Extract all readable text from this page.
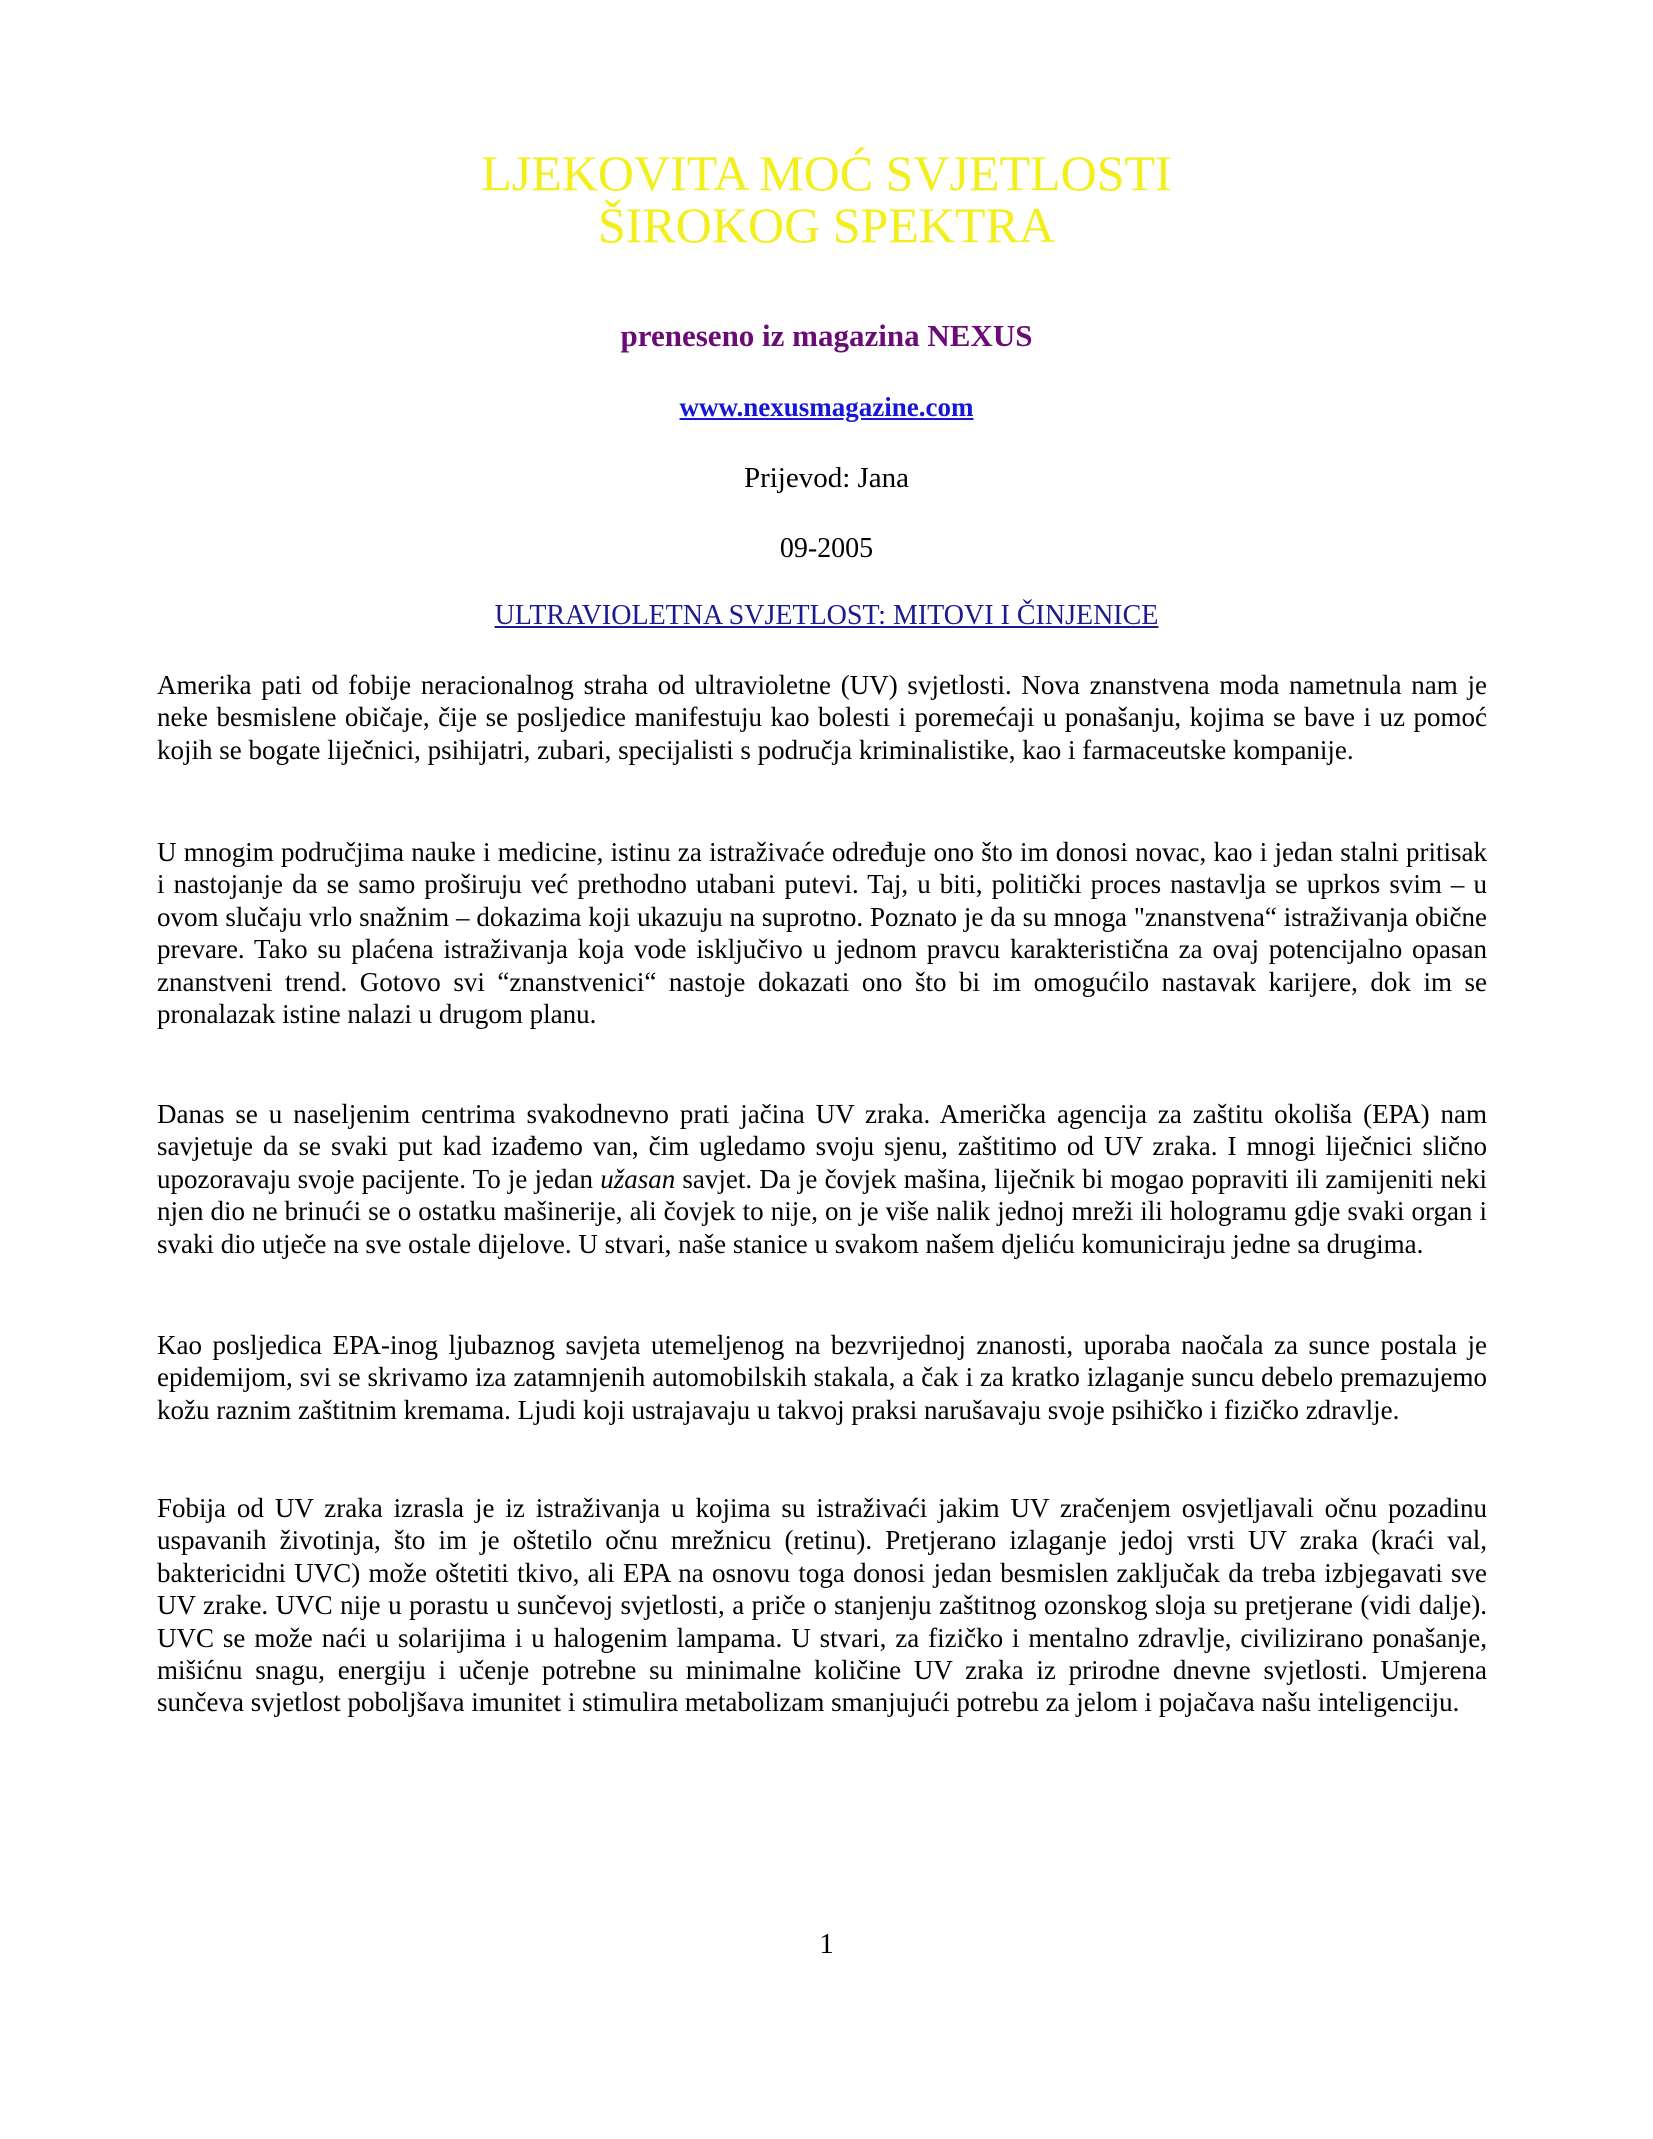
LJEKOVITA MOĆ SVJETLOSTI
ŠIROKOG SPEKTRA
preneseno iz magazina NEXUS
www.nexusmagazine.com
Prijevod: Jana
09-2005
ULTRAVIOLETNA SVJETLOST: MITOVI I ČINJENICE

Amerika pati od fobije neracionalnog straha od ultravioletne (UV) svjetlosti. Nova znanstvena moda nametnula nam je neke besmislene običaje, čije se posljedice manifestuju kao bolesti i poremećaji u ponašanju, kojima se bave i uz pomoć kojih se bogate liječnici, psihijatri, zubari, specijalisti s područja kriminalistike, kao i farmaceutske kompanije.

U mnogim područjima nauke i medicine, istinu za istraživaće određuje ono što im donosi novac, kao i jedan stalni pritisak i nastojanje da se samo proširuju već prethodno utabani putevi. Taj, u biti, politički proces nastavlja se uprkos svim – u ovom slučaju vrlo snažnim – dokazima koji ukazuju na suprotno. Poznato je da su mnoga "znanstvena“ istraživanja obične prevare. Tako su plaćena istraživanja koja vode isključivo u jednom pravcu karakteristična za ovaj potencijalno opasan znanstveni trend. Gotovo svi “znanstvenici“ nastoje dokazati ono što bi im omogućilo nastavak karijere, dok im se pronalazak istine nalazi u drugom planu.

Danas se u naseljenim centrima svakodnevno prati jačina UV zraka. Američka agencija za zaštitu okoliša (EPA) nam savjetuje da se svaki put kad izađemo van, čim ugledamo svoju sjenu, zaštitimo od UV zraka. I mnogi liječnici slično upozoravaju svoje pacijente. To je jedan užasan savjet. Da je čovjek mašina, liječnik bi mogao popraviti ili zamijeniti neki njen dio ne brinući se o ostatku mašinerije, ali čovjek to nije, on je više nalik jednoj mreži ili hologramu gdje svaki organ i svaki dio utječe na sve ostale dijelove. U stvari, naše stanice u svakom našem djeliću komuniciraju jedne sa drugima.

Kao posljedica EPA-inog ljubaznog savjeta utemeljenog na bezvrijednoj znanosti, uporaba naočala za sunce postala je epidemijom, svi se skrivamo iza zatamnjenih automobilskih stakala, a čak i za kratko izlaganje suncu debelo premazujemo kožu raznim zaštitnim kremama. Ljudi koji ustrajavaju u takvoj praksi narušavaju svoje psihičko i fizičko zdravlje.

Fobija od UV zraka izrasla je iz istraživanja u kojima su istraživaći jakim UV zračenjem osvjetljavali očnu pozadinu uspavanih životinja, što im je oštetilo očnu mrežnicu (retinu). Pretjerano izlaganje jedoj vrsti UV zraka (kraći val, baktericidni UVC) može oštetiti tkivo, ali EPA na osnovu toga donosi jedan besmislen zaključak da treba izbjegavati sve UV zrake. UVC nije u porastu u sunčevoj svjetlosti, a priče o stanjenju zaštitnog ozonskog sloja su pretjerane (vidi dalje). UVC se može naći u solarijima i u halogenim lampama. U stvari, za fizičko i mentalno zdravlje, civilizirano ponašanje, mišićnu snagu, energiju i učenje potrebne su minimalne količine UV zraka iz prirodne dnevne svjetlosti. Umjerena sunčeva svjetlost poboljšava imunitet i stimulira metabolizam smanjujući potrebu za jelom i pojačava našu inteligenciju.

1
